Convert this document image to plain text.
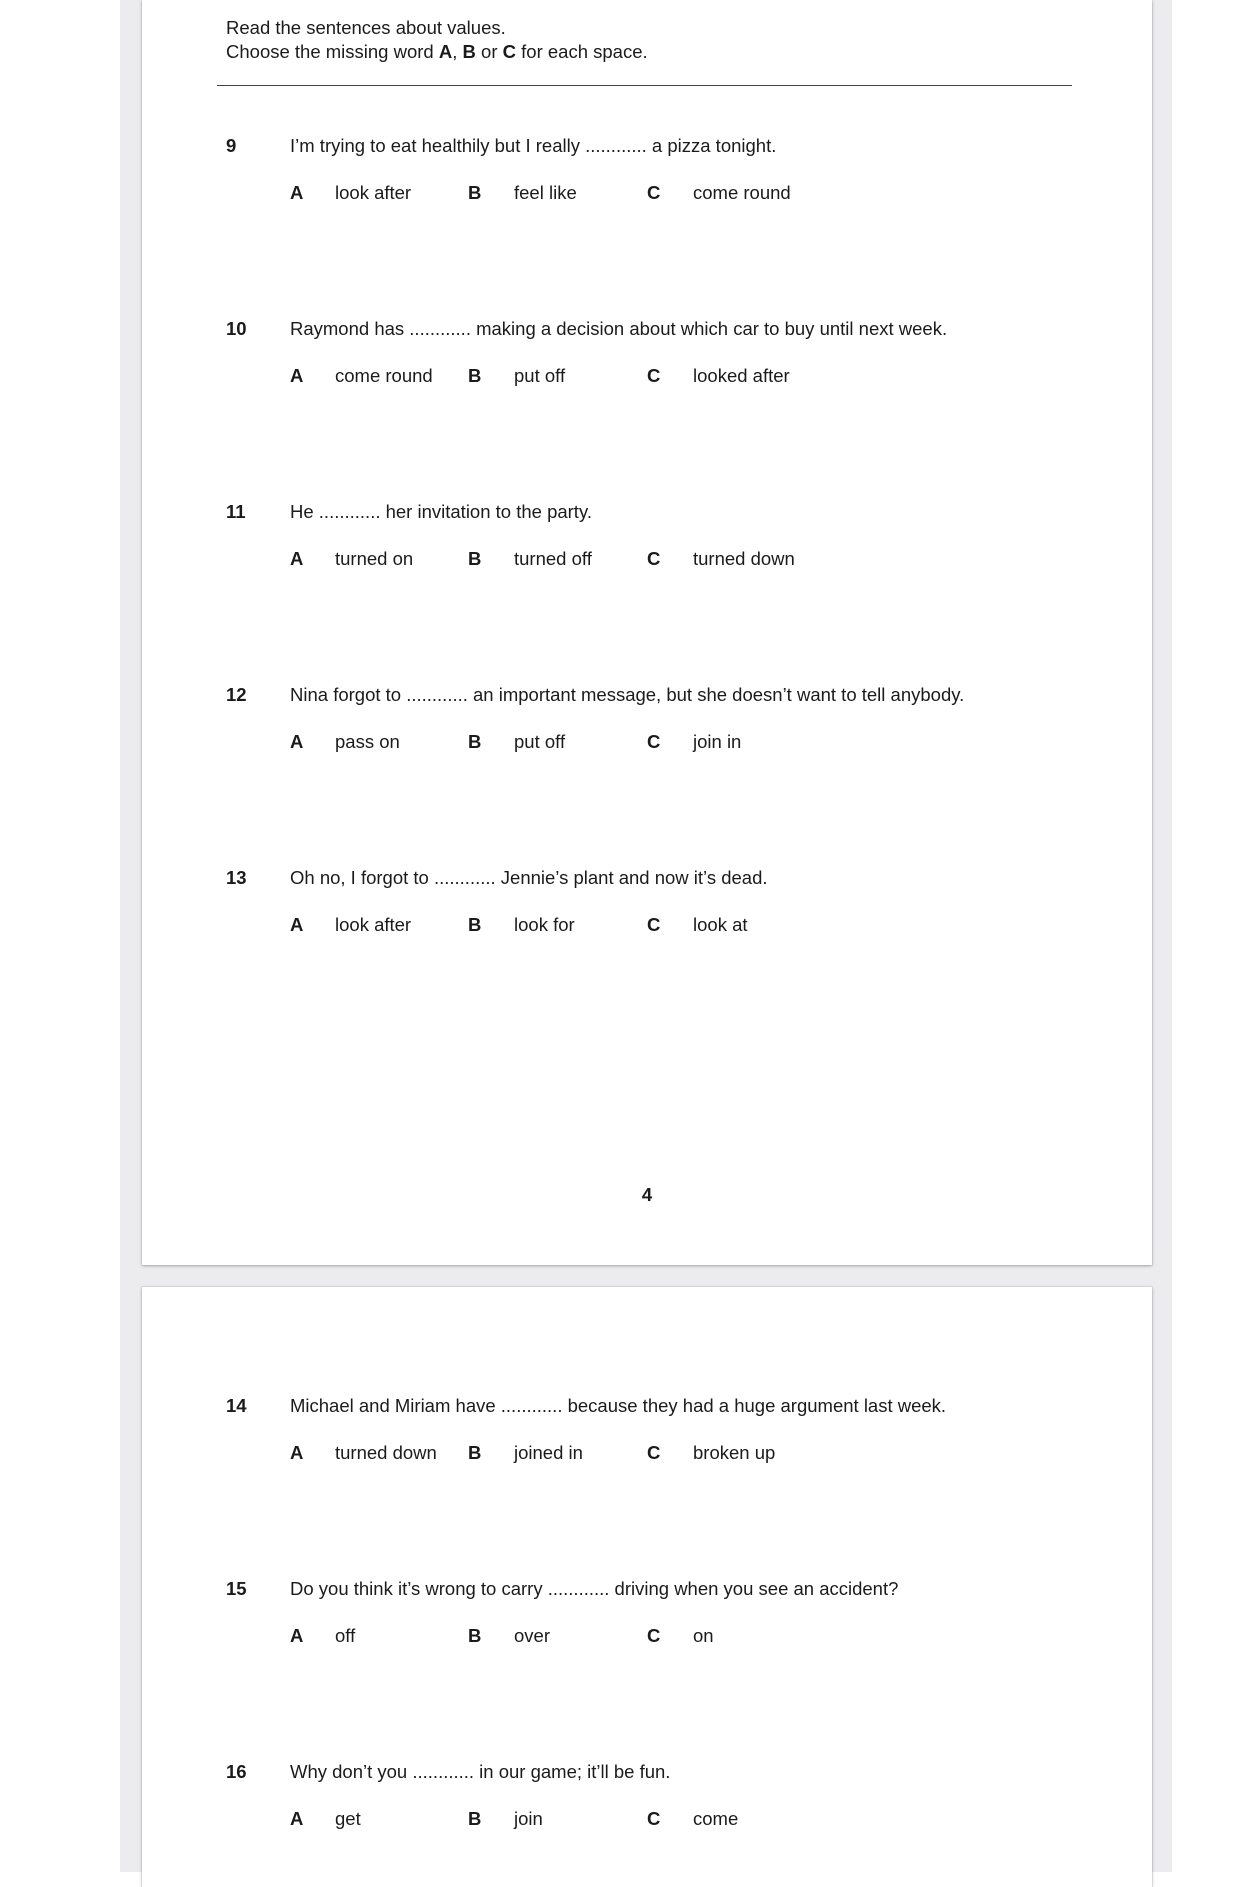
Read the sentences about values.
Choose the missing word A, B or C for each space.
9	I’m trying to eat healthily but I really ............ a pizza tonight.
A look after	B feel like	C come round
10 Raymond has ............ making a decision about which car to buy until next week.
A come round B put off	C looked after
11 He ............ her invitation to the party.
A turned on	B turned off	C turned down
12 Nina forgot to ............ an important message, but she doesn’t want to tell anybody.
A pass on	B put off	C join in
13 Oh no, I forgot to ............ Jennie’s plant and now it’s dead.
A look after	B look for	C look at
4
14 Michael and Miriam have ............ because they had a huge argument last week.
A turned down B joined in	C broken up
15 Do you think it’s wrong to carry ............ driving when you see an accident?
A off	B over	C on
16 Why don’t you ............ in our game; it’ll be fun.
A get	B join	C come
